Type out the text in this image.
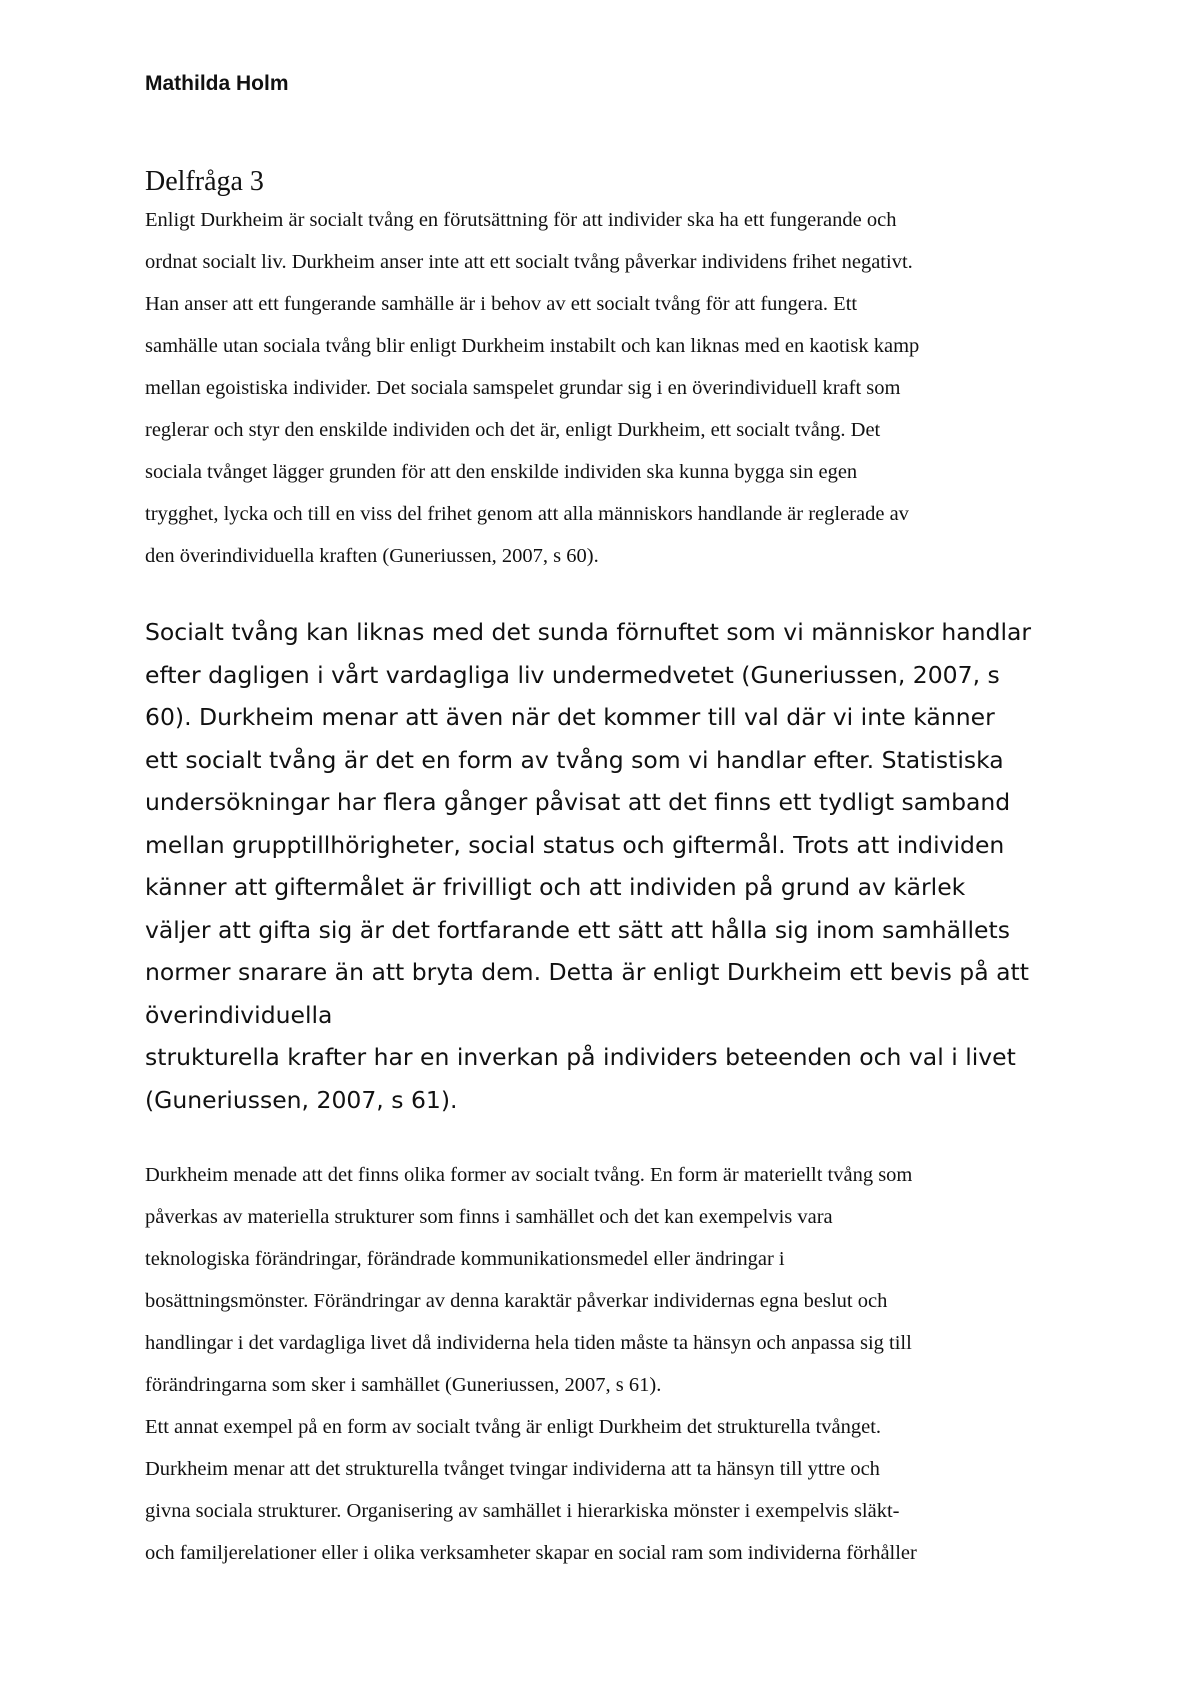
Mathilda Holm

Delfråga 3

Enligt Durkheim är socialt tvång en förutsättning för att individer ska ha ett fungerande och
ordnat socialt liv. Durkheim anser inte att ett socialt tvång påverkar individens frihet negativt.
Han anser att ett fungerande samhälle är i behov av ett socialt tvång för att fungera. Ett
samhälle utan sociala tvång blir enligt Durkheim instabilt och kan liknas med en kaotisk kamp
mellan egoistiska individer. Det sociala samspelet grundar sig i en överindividuell kraft som
reglerar och styr den enskilde individen och det är, enligt Durkheim, ett socialt tvång. Det
sociala tvånget lägger grunden för att den enskilde individen ska kunna bygga sin egen
trygghet, lycka och till en viss del frihet genom att alla människors handlande är reglerade av
den överindividuella kraften (Guneriussen, 2007, s 60).

Socialt tvång kan liknas med det sunda förnuftet som vi människor handlar
efter dagligen i vårt vardagliga liv undermedvetet (Guneriussen, 2007, s
60). Durkheim menar att även när det kommer till val där vi inte känner
ett socialt tvång är det en form av tvång som vi handlar efter. Statistiska
undersökningar har flera gånger påvisat att det finns ett tydligt samband
mellan grupptillhörigheter, social status och giftermål. Trots att individen
känner att giftermålet är frivilligt och att individen på grund av kärlek
väljer att gifta sig är det fortfarande ett sätt att hålla sig inom samhällets
normer snarare än att bryta dem. Detta är enligt Durkheim ett bevis på att
överindividuella
strukturella krafter har en inverkan på individers beteenden och val i livet
(Guneriussen, 2007, s 61).

Durkheim menade att det finns olika former av socialt tvång. En form är materiellt tvång som
påverkas av materiella strukturer som finns i samhället och det kan exempelvis vara
teknologiska förändringar, förändrade kommunikationsmedel eller ändringar i
bosättningsmönster. Förändringar av denna karaktär påverkar individernas egna beslut och
handlingar i det vardagliga livet då individerna hela tiden måste ta hänsyn och anpassa sig till
förändringarna som sker i samhället (Guneriussen, 2007, s 61).

Ett annat exempel på en form av socialt tvång är enligt Durkheim det strukturella tvånget.
Durkheim menar att det strukturella tvånget tvingar individerna att ta hänsyn till yttre och
givna sociala strukturer. Organisering av samhället i hierarkiska mönster i exempelvis släkt-
och familjerelationer eller i olika verksamheter skapar en social ram som individerna förhåller
